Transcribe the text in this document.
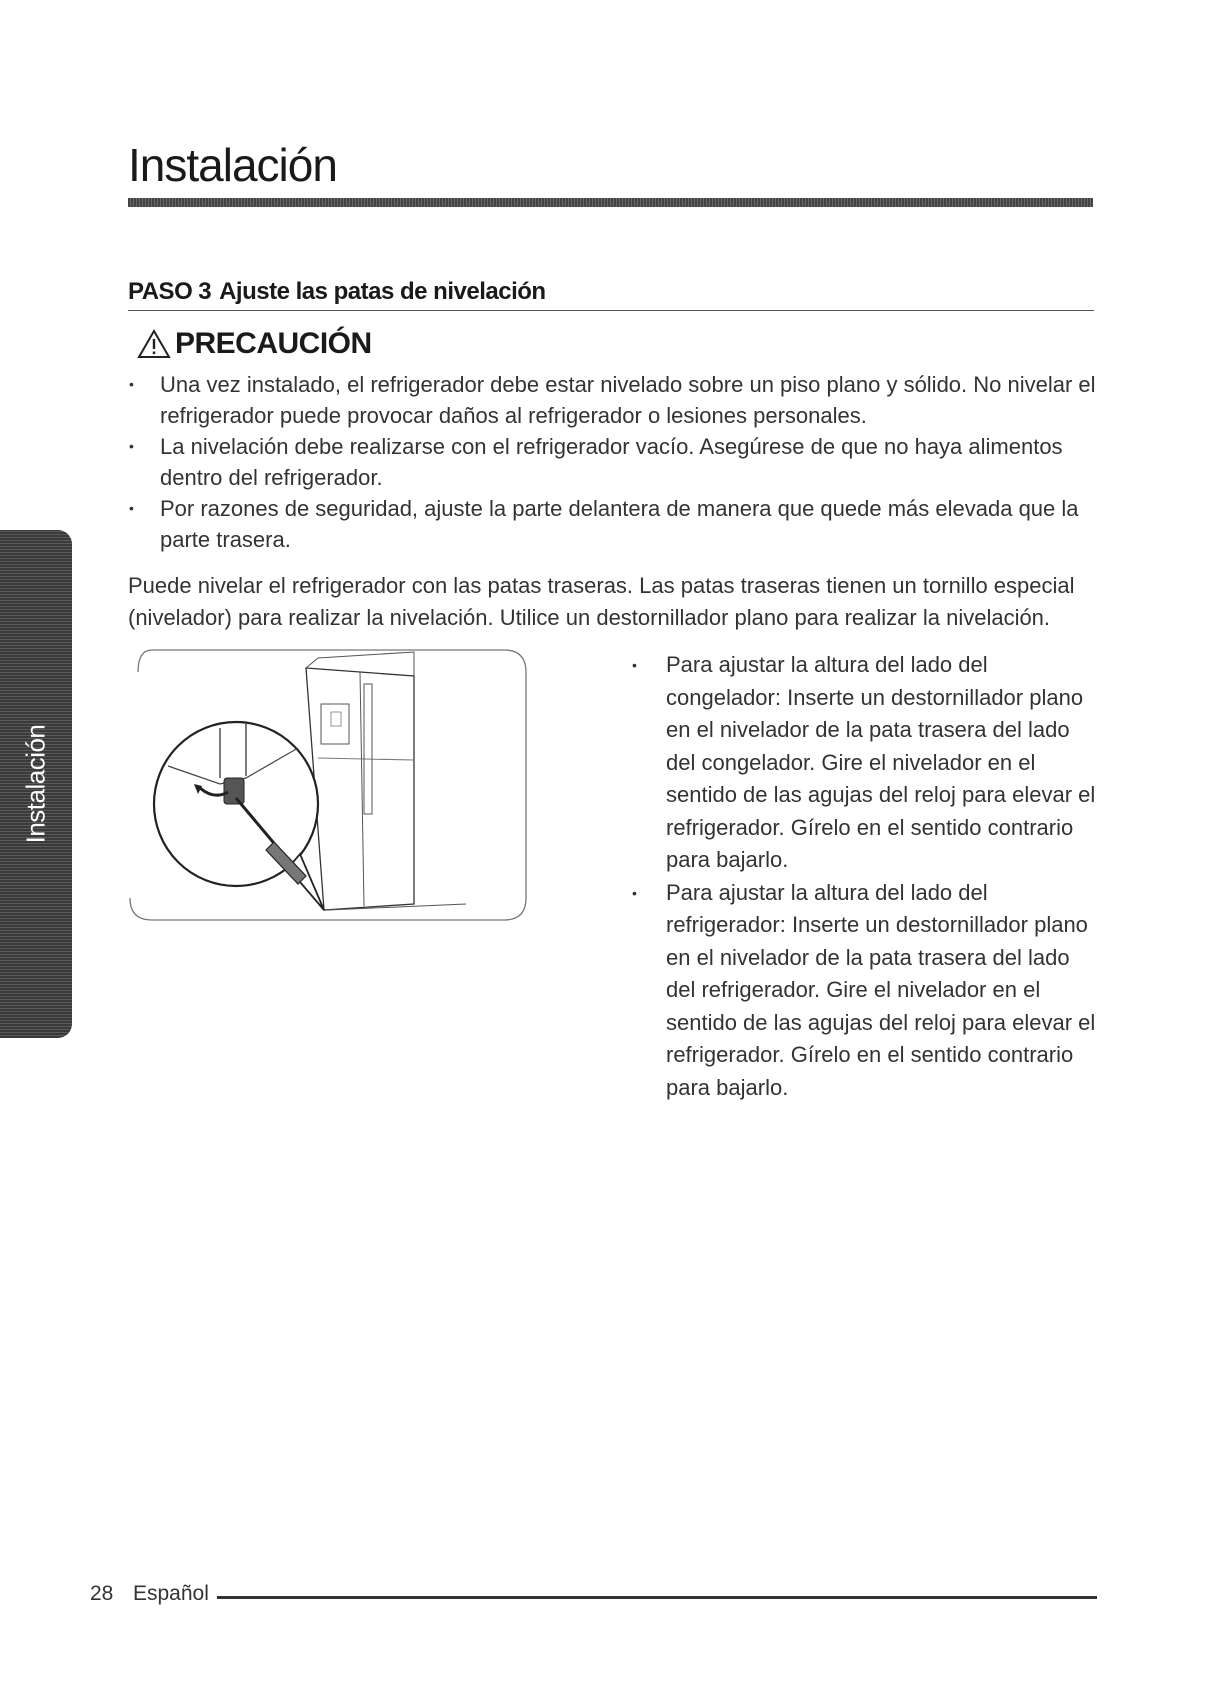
Instalación
PASO 3 Ajuste las patas de nivelación
PRECAUCIÓN
• Una vez instalado, el refrigerador debe estar nivelado sobre un piso plano y sólido. No nivelar el refrigerador puede provocar daños al refrigerador o lesiones personales.
• La nivelación debe realizarse con el refrigerador vacío. Asegúrese de que no haya alimentos dentro del refrigerador.
• Por razones de seguridad, ajuste la parte delantera de manera que quede más elevada que la parte trasera.

Puede nivelar el refrigerador con las patas traseras. Las patas traseras tienen un tornillo especial (nivelador) para realizar la nivelación. Utilice un destornillador plano para realizar la nivelación.

• Para ajustar la altura del lado del congelador: Inserte un destornillador plano en el nivelador de la pata trasera del lado del congelador. Gire el nivelador en el sentido de las agujas del reloj para elevar el refrigerador. Gírelo en el sentido contrario para bajarlo.
• Para ajustar la altura del lado del refrigerador: Inserte un destornillador plano en el nivelador de la pata trasera del lado del refrigerador. Gire el nivelador en el sentido de las agujas del reloj para elevar el refrigerador. Gírelo en el sentido contrario para bajarlo.
Instalación
28 Español
